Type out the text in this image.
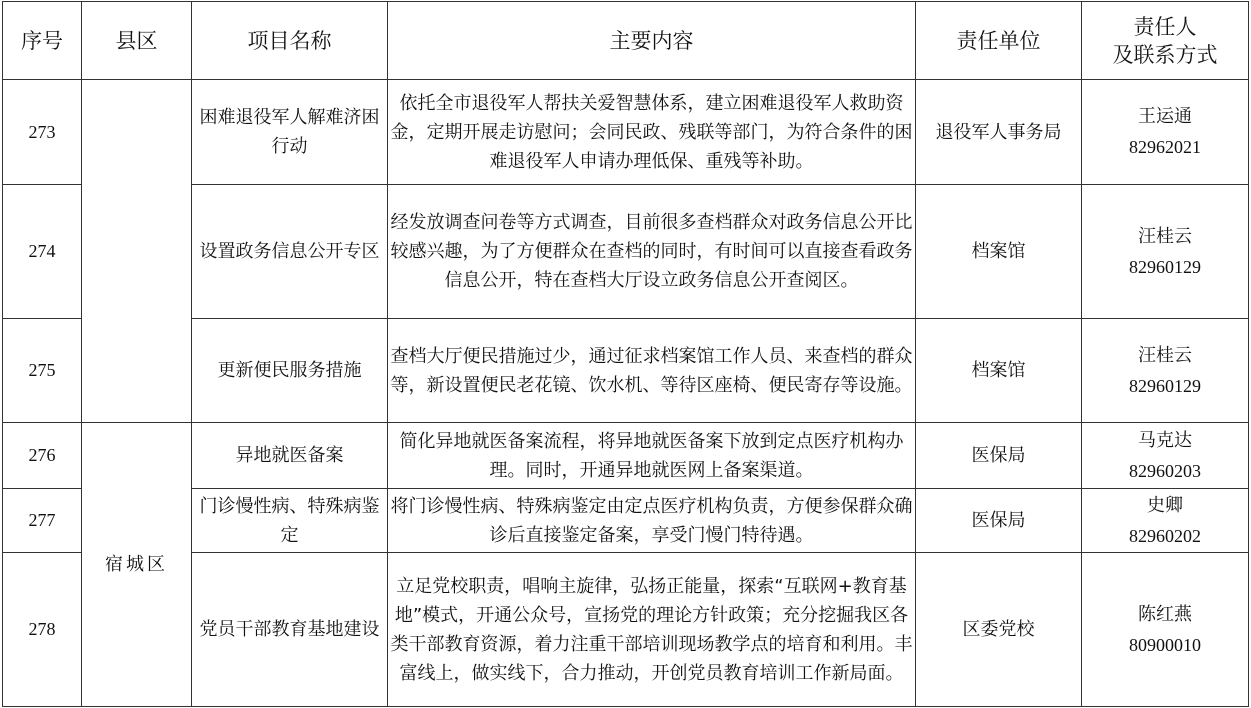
序号	县区	项目名称	主要内容	责任单位	责任人
及联系方式

273		困难退役军人解难济困行动	依托全市退役军人帮扶关爱智慧体系，建立困难退役军人救助资金，定期开展走访慰问；会同民政、残联等部门，为符合条件的困难退役军人申请办理低保、重残等补助。	退役军人事务局	王运通
82962021

274		设置政务信息公开专区	经发放调查问卷等方式调查，目前很多查档群众对政务信息公开比较感兴趣，为了方便群众在查档的同时，有时间可以直接查看政务信息公开，特在查档大厅设立政务信息公开查阅区。	档案馆	汪桂云
82960129

275		更新便民服务措施	查档大厅便民措施过少，通过征求档案馆工作人员、来查档的群众等，新设置便民老花镜、饮水机、等待区座椅、便民寄存等设施。	档案馆	汪桂云
82960129

276	宿城区	异地就医备案	简化异地就医备案流程，将异地就医备案下放到定点医疗机构办理。同时，开通异地就医网上备案渠道。	医保局	马克达
82960203

277		门诊慢性病、特殊病鉴定	将门诊慢性病、特殊病鉴定由定点医疗机构负责，方便参保群众确诊后直接鉴定备案，享受门慢门特待遇。	医保局	史卿
82960202

278		党员干部教育基地建设	立足党校职责，唱响主旋律，弘扬正能量，探索“互联网+教育基地”模式，开通公众号，宣扬党的理论方针政策；充分挖掘我区各类干部教育资源，着力注重干部培训现场教学点的培育和利用。丰富线上，做实线下，合力推动，开创党员教育培训工作新局面。	区委党校	陈红燕
80900010
